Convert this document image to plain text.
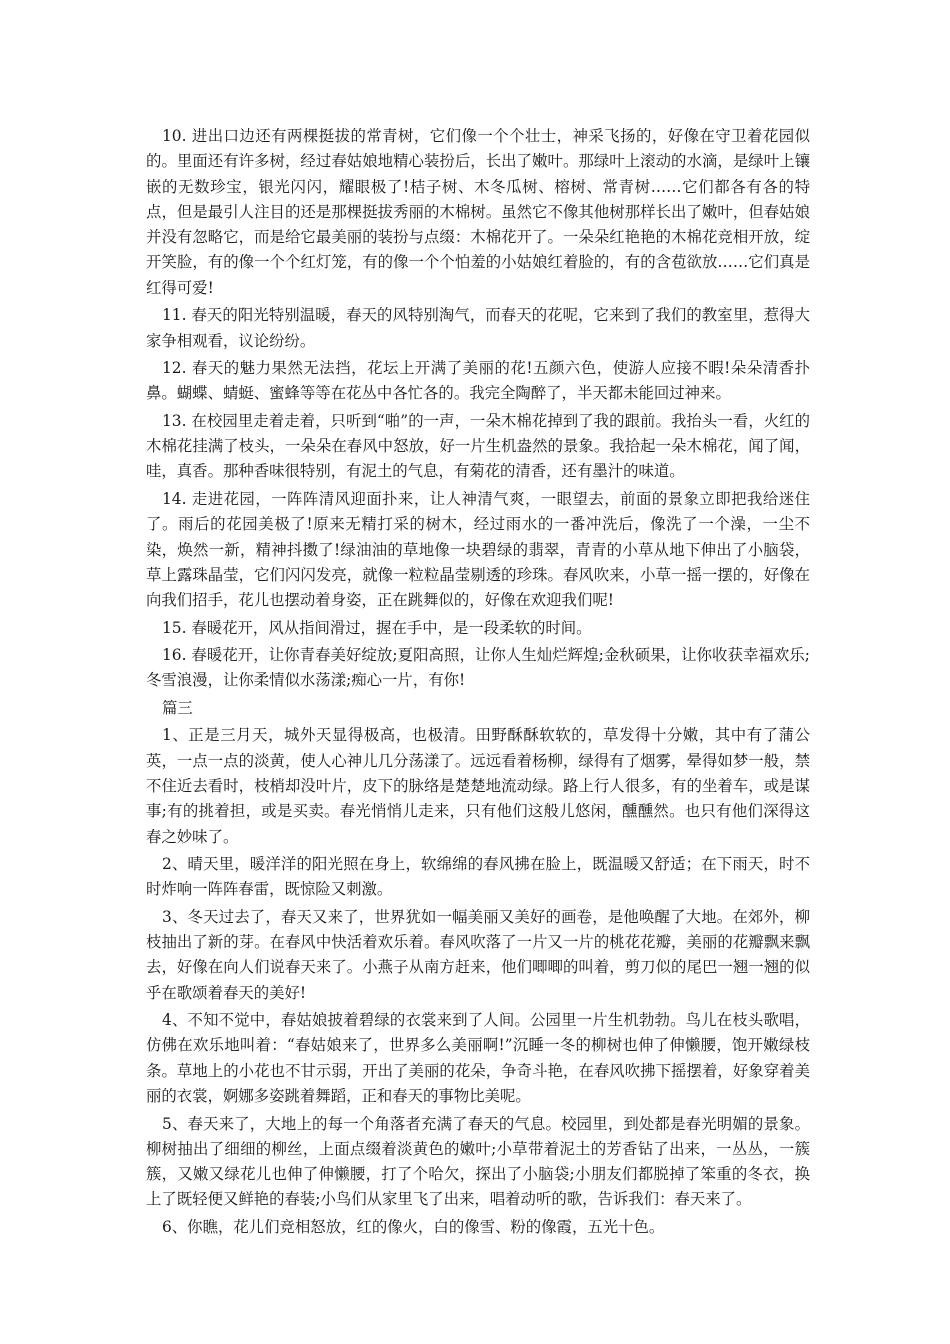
10. 进出口边还有两棵挺拔的常青树，它们像一个个壮士，神采飞扬的，好像在守卫着花园似的。里面还有许多树，经过春姑娘地精心装扮后，长出了嫩叶。那绿叶上滚动的水滴，是绿叶上镶嵌的无数珍宝，银光闪闪，耀眼极了!桔子树、木冬瓜树、榕树、常青树……它们都各有各的特点，但是最引人注目的还是那棵挺拔秀丽的木棉树。虽然它不像其他树那样长出了嫩叶，但春姑娘并没有忽略它，而是给它最美丽的装扮与点缀：木棉花开了。一朵朵红艳艳的木棉花竞相开放，绽开笑脸，有的像一个个红灯笼，有的像一个个怕羞的小姑娘红着脸的，有的含苞欲放……它们真是红得可爱!

11. 春天的阳光特别温暖，春天的风特别淘气，而春天的花呢，它来到了我们的教室里，惹得大家争相观看，议论纷纷。

12. 春天的魅力果然无法挡，花坛上开满了美丽的花!五颜六色，使游人应接不暇!朵朵清香扑鼻。蝴蝶、蜻蜓、蜜蜂等等在花丛中各忙各的。我完全陶醉了，半天都未能回过神来。

13. 在校园里走着走着，只听到“啪”的一声，一朵木棉花掉到了我的跟前。我抬头一看，火红的木棉花挂满了枝头，一朵朵在春风中怒放，好一片生机盎然的景象。我拾起一朵木棉花，闻了闻，哇，真香。那种香味很特别，有泥土的气息，有菊花的清香，还有墨汁的味道。

14. 走进花园，一阵阵清风迎面扑来，让人神清气爽，一眼望去，前面的景象立即把我给迷住了。雨后的花园美极了!原来无精打采的树木，经过雨水的一番冲洗后，像洗了一个澡，一尘不染，焕然一新，精神抖擞了!绿油油的草地像一块碧绿的翡翠，青青的小草从地下伸出了小脑袋，草上露珠晶莹，它们闪闪发亮，就像一粒粒晶莹剔透的珍珠。春风吹来，小草一摇一摆的，好像在向我们招手，花儿也摆动着身姿，正在跳舞似的，好像在欢迎我们呢!

15. 春暖花开，风从指间滑过，握在手中，是一段柔软的时间。

16. 春暖花开，让你青春美好绽放;夏阳高照，让你人生灿烂辉煌;金秋硕果，让你收获幸福欢乐;冬雪浪漫，让你柔情似水荡漾;痴心一片，有你!

篇三

1、正是三月天，城外天显得极高，也极清。田野酥酥软软的，草发得十分嫩，其中有了蒲公英，一点一点的淡黄，使人心神儿几分荡漾了。远远看着杨柳，绿得有了烟雾，晕得如梦一般，禁不住近去看时，枝梢却没叶片，皮下的脉络是楚楚地流动绿。路上行人很多，有的坐着车，或是谋事;有的挑着担，或是买卖。春光悄悄儿走来，只有他们这般儿悠闲，醺醺然。也只有他们深得这春之妙味了。

2、晴天里，暖洋洋的阳光照在身上，软绵绵的春风拂在脸上，既温暖又舒适；在下雨天，时不时炸响一阵阵春雷，既惊险又刺激。

3、冬天过去了，春天又来了，世界犹如一幅美丽又美好的画卷，是他唤醒了大地。在郊外，柳枝抽出了新的芽。在春风中快活着欢乐着。春风吹落了一片又一片的桃花花瓣，美丽的花瓣飘来飘去，好像在向人们说春天来了。小燕子从南方赶来，他们唧唧的叫着，剪刀似的尾巴一翘一翘的似乎在歌颂着春天的美好!

4、不知不觉中，春姑娘披着碧绿的衣裳来到了人间。公园里一片生机勃勃。鸟儿在枝头歌唱，仿佛在欢乐地叫着：“春姑娘来了，世界多么美丽啊!”沉睡一冬的柳树也伸了伸懒腰，饱开嫩绿枝条。草地上的小花也不甘示弱，开出了美丽的花朵，争奇斗艳，在春风吹拂下摇摆着，好象穿着美丽的衣裳，婀娜多姿跳着舞蹈，正和春天的事物比美呢。

5、春天来了，大地上的每一个角落者充满了春天的气息。校园里，到处都是春光明媚的景象。柳树抽出了细细的柳丝，上面点缀着淡黄色的嫩叶;小草带着泥土的芳香钻了出来，一丛丛，一簇簇，又嫩又绿花儿也伸了伸懒腰，打了个哈欠，探出了小脑袋;小朋友们都脱掉了笨重的冬衣，换上了既轻便又鲜艳的春装;小鸟们从家里飞了出来，唱着动听的歌，告诉我们：春天来了。

6、你瞧，花儿们竞相怒放，红的像火，白的像雪、粉的像霞，五光十色。
